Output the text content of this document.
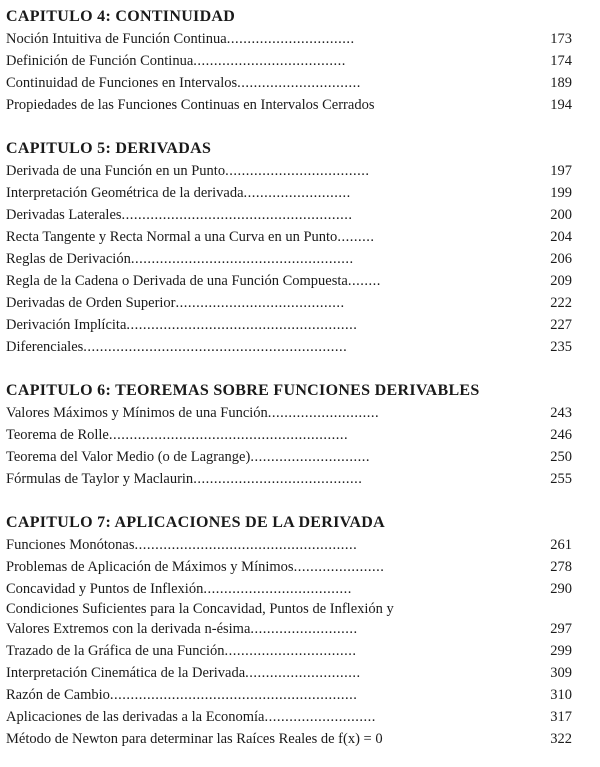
CAPITULO 4: CONTINUIDAD
Noción Intuitiva de Función Continua...............................	173
Definición de Función Continua.....................................	174
Continuidad de Funciones en Intervalos..............................	189
Propiedades de las Funciones Continuas en Intervalos Cerrados	194
CAPITULO 5: DERIVADAS
Derivada de una Función en un Punto...................................	197
Interpretación Geométrica de la derivada..........................	199
Derivadas Laterales........................................................	200
Recta Tangente y Recta Normal a una Curva en un Punto.........	204
Reglas de Derivación......................................................	206
Regla de la Cadena o Derivada de una Función Compuesta........	209
Derivadas de Orden Superior.........................................	222
Derivación Implícita........................................................	227
Diferenciales................................................................	235
CAPITULO 6: TEOREMAS SOBRE FUNCIONES DERIVABLES
Valores Máximos y Mínimos de una Función...........................	243
Teorema de Rolle..........................................................	246
Teorema del Valor Medio (o de Lagrange).............................	250
Fórmulas de Taylor y Maclaurin.........................................	255
CAPITULO 7: APLICACIONES DE LA DERIVADA
Funciones Monótonas......................................................	261
Problemas de Aplicación de Máximos y Mínimos......................	278
Concavidad y Puntos de Inflexión....................................	290
Condiciones Suficientes para la Concavidad, Puntos de Inflexión y
Valores Extremos con la derivada n-ésima..........................	297
Trazado de la Gráfica de una Función................................	299
Interpretación Cinemática de la Derivada............................	309
Razón de Cambio............................................................	310
Aplicaciones de las derivadas a la Economía...........................	317
Método de Newton para determinar las Raíces Reales de f(x) = 0	322
